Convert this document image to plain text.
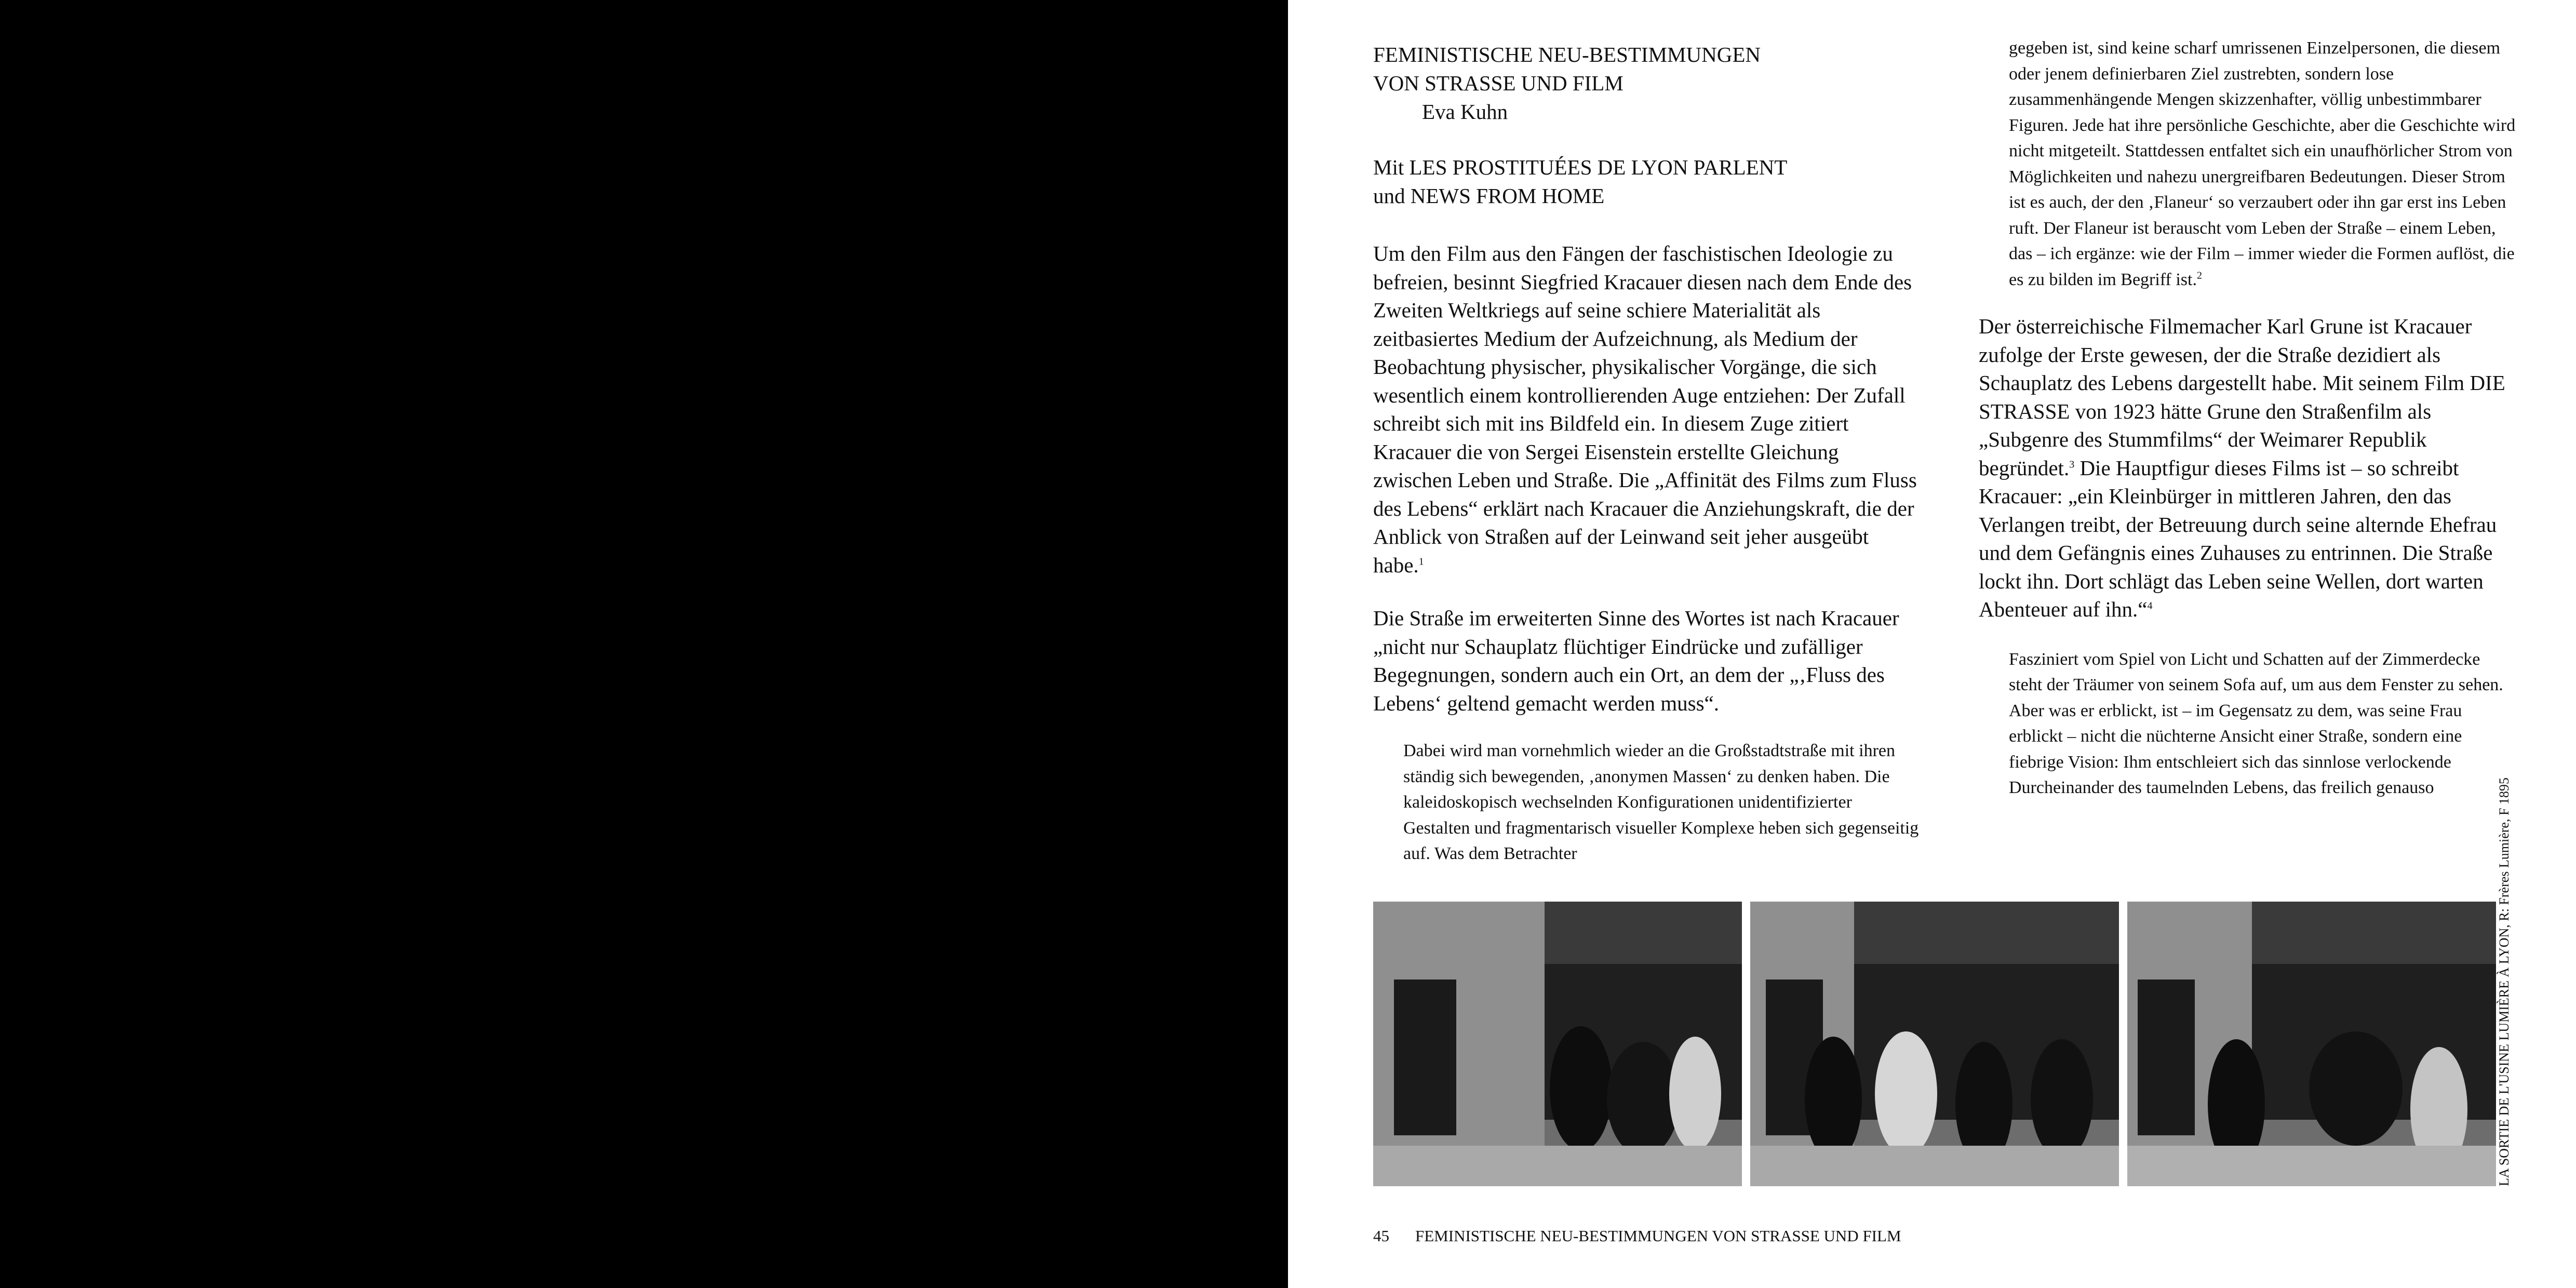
FEMINISTISCHE NEU-BESTIMMUNGEN

VON STRASSE UND FILM

Eva Kuhn

Mit LES PROSTITUÉES DE LYON PARLENT

und NEWS FROM HOME

Um den Film aus den Fängen der faschistischen Ideologie zu befreien, besinnt Siegfried Kracauer diesen nach dem Ende des Zweiten Weltkriegs auf seine schiere Materialität als zeitbasiertes Medium der Aufzeichnung, als Medium der Beobachtung physischer, physikalischer Vorgänge, die sich wesentlich einem kontrollierenden Auge entziehen: Der Zufall schreibt sich mit ins Bildfeld ein. In diesem Zuge zitiert Kracauer die von Sergei Eisenstein erstellte Gleichung zwischen Leben und Straße. Die „Affinität des Films zum Fluss des Lebens“ erklärt nach Kracauer die Anziehungskraft, die der Anblick von Straßen auf der Leinwand seit jeher ausgeübt habe.$^1$

Die Straße im erweiterten Sinne des Wortes ist nach Kracauer „nicht nur Schauplatz flüchtiger Eindrücke und zufälliger Begegnungen, sondern auch ein Ort, an dem der „‚Fluss des Lebens‘ geltend gemacht werden muss“.

Dabei wird man vornehmlich wieder an die Großstadtstraße mit ihren ständig sich bewegenden, ‚anonymen Massen‘ zu denken haben. Die kaleidoskopisch wechselnden Konfigurationen unidentifizierter Gestalten und fragmentarisch visueller Komplexe heben sich gegenseitig auf. Was dem Betrachter

gegeben ist, sind keine scharf umrissenen Einzelpersonen, die diesem oder jenem definierbaren Ziel zustrebten, sondern lose zusammenhängende Mengen skizzenhafter, völlig unbestimmbarer Figuren. Jede hat ihre persönliche Geschichte, aber die Geschichte wird nicht mitgeteilt. Stattdessen entfaltet sich ein unaufhörlicher Strom von Möglichkeiten und nahezu unergreifbaren Bedeutungen. Dieser Strom ist es auch, der den ‚Flaneur‘ so verzaubert oder ihn gar erst ins Leben ruft. Der Flaneur ist berauscht vom Leben der Straße – einem Leben, das – ich ergänze: wie der Film – immer wieder die Formen auflöst, die es zu bilden im Begriff ist.$^2$

Der österreichische Filmemacher Karl Grune ist Kracauer zufolge der Erste gewesen, der die Straße dezidiert als Schauplatz des Lebens dargestellt habe. Mit seinem Film DIE STRASSE von 1923 hätte Grune den Straßenfilm als „Subgenre des Stummfilms“ der Weimarer Republik begründet.$^3$ Die Hauptfigur dieses Films ist – so schreibt Kracauer: „ein Kleinbürger in mittleren Jahren, den das Verlangen treibt, der Betreuung durch seine alternde Ehefrau und dem Gefängnis eines Zuhauses zu entrinnen. Die Straße lockt ihn. Dort schlägt das Leben seine Wellen, dort warten Abenteuer auf ihn.“$^4$

Fasziniert vom Spiel von Licht und Schatten auf der Zimmerdecke steht der Träumer von seinem Sofa auf, um aus dem Fenster zu sehen. Aber was er erblickt, ist – im Gegensatz zu dem, was seine Frau erblickt – nicht die nüchterne Ansicht einer Straße, sondern eine fiebrige Vision: Ihm entschleiert sich das sinnlose verlockende Durcheinander des taumelnden Lebens, das freilich genauso	LA SORTIE DE L'USINE LUMIÈRE À LYON, R: Frères Lumière, F 1895
45 FEMINISTISCHE NEU-BESTIMMUNGEN VON STRASSE UND FILM
